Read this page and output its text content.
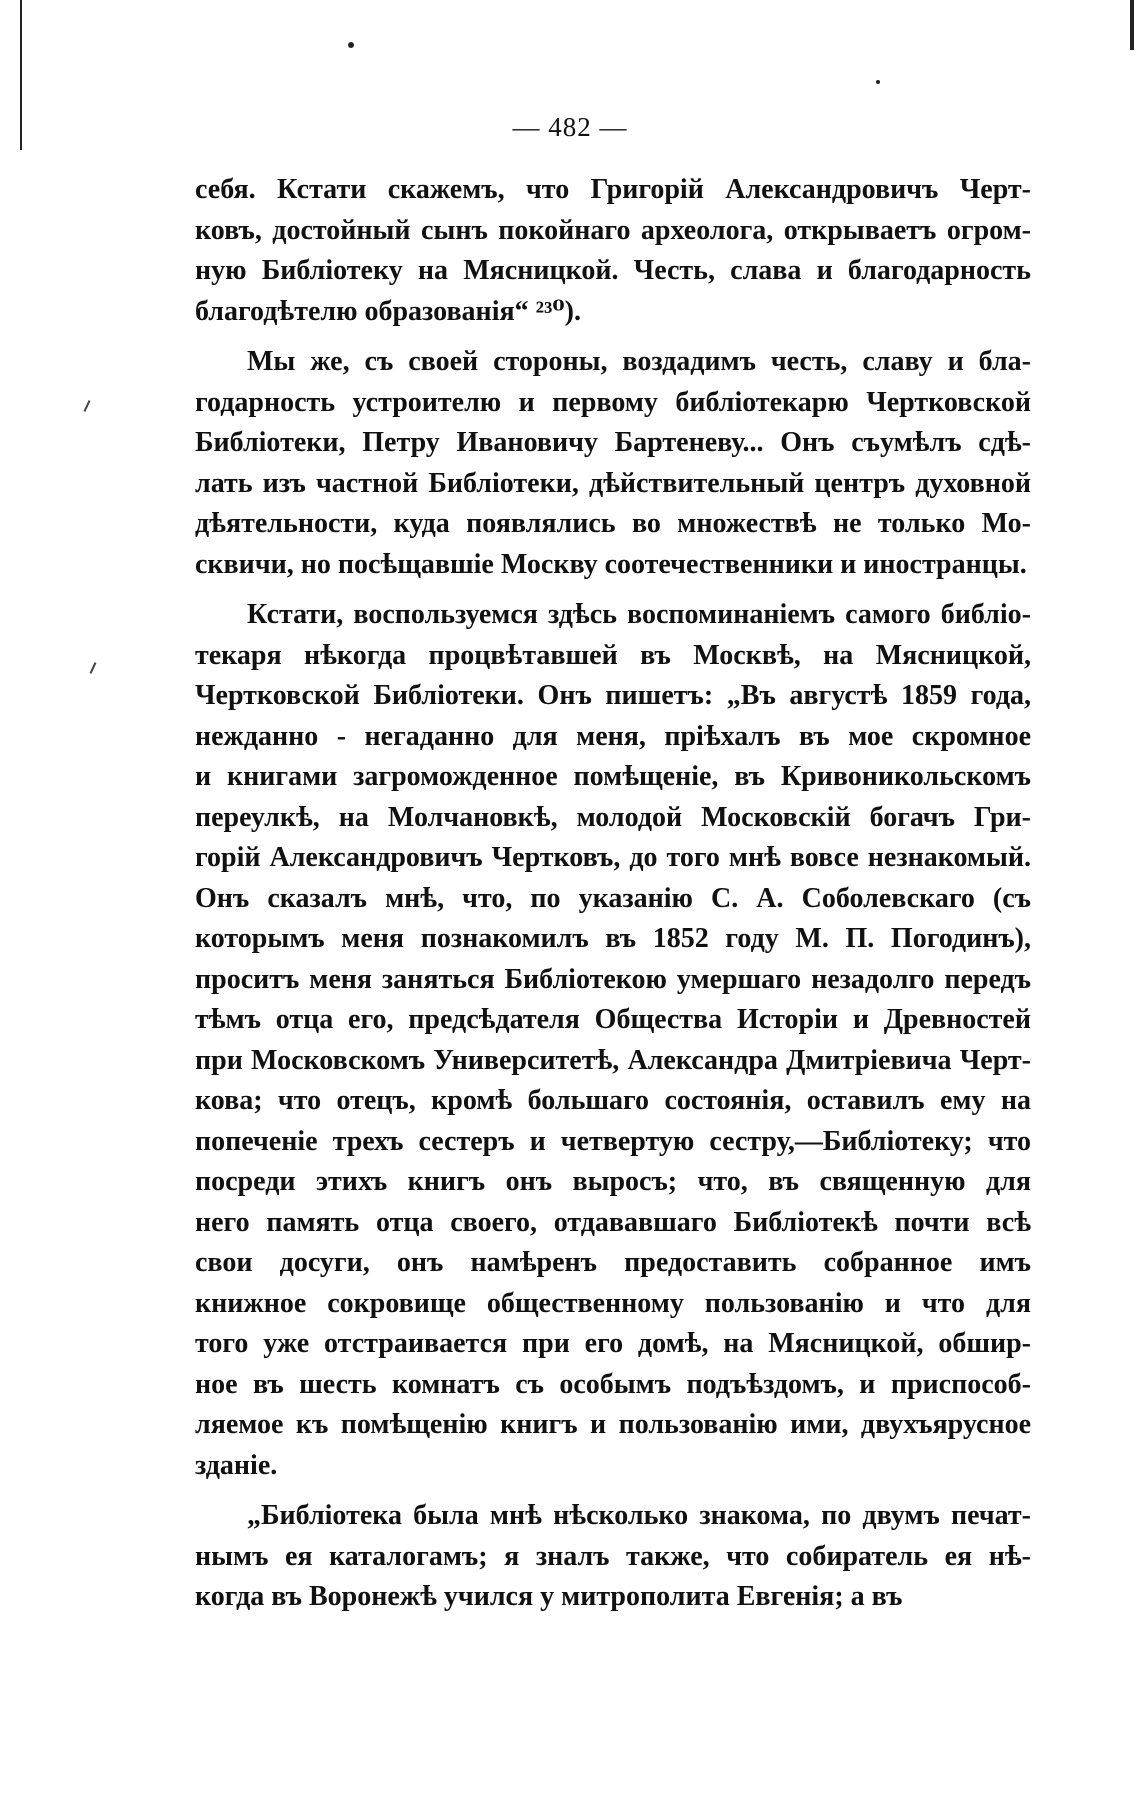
— 482 —
себя. Кстати скажемъ, что Григорій Александровичъ Черт-
ковъ, достойный сынъ покойнаго археолога, открываетъ огром-
ную Библіотеку на Мясницкой. Честь, слава и благодарность
благодѣтелю образованія“ ²³⁰).
Мы же, съ своей стороны, воздадимъ честь, славу и бла-
годарность устроителю и первому библіотекарю Чертковской
Библіотеки, Петру Ивановичу Бартеневу... Онъ съумѣлъ сдѣ-
лать изъ частной Библіотеки, дѣйствительный центръ духовной
дѣятельности, куда появлялись во множествѣ не только Мо-
сквичи, но посѣщавшіе Москву соотечественники и иностранцы.
Кстати, воспользуемся здѣсь воспоминаніемъ самого библіо-
текаря нѣкогда процвѣтавшей въ Москвѣ, на Мясницкой,
Чертковской Библіотеки. Онъ пишетъ: „Въ августѣ 1859 года,
нежданно - негаданно для меня, пріѣхалъ въ мое скромное
и книгами загроможденное помѣщеніе, въ Кривоникольскомъ
переулкѣ, на Молчановкѣ, молодой Московскій богачъ Гри-
горій Александровичъ Чертковъ, до того мнѣ вовсе незнакомый.
Онъ сказалъ мнѣ, что, по указанію С. А. Соболевскаго (съ
которымъ меня познакомилъ въ 1852 году М. П. Погодинъ),
проситъ меня заняться Библіотекою умершаго незадолго передъ
тѣмъ отца его, предсѣдателя Общества Исторіи и Древностей
при Московскомъ Университетѣ, Александра Дмитріевича Черт-
кова; что отецъ, кромѣ большаго состоянія, оставилъ ему на
попеченіе трехъ сестеръ и четвертую сестру,—Библіотеку; что
посреди этихъ книгъ онъ выросъ; что, въ священную для
него память отца своего, отдававшаго Библіотекѣ почти всѣ
свои досуги, онъ намѣренъ предоставить собранное имъ
книжное сокровище общественному пользованію и что для
того уже отстраивается при его домѣ, на Мясницкой, обшир-
ное въ шесть комнатъ съ особымъ подъѣздомъ, и приспособ-
ляемое къ помѣщенію книгъ и пользованію ими, двухъярусное
зданіе.
„Библіотека была мнѣ нѣсколько знакома, по двумъ печат-
нымъ ея каталогамъ; я зналъ также, что собиратель ея нѣ-
когда въ Воронежѣ учился у митрополита Евгенія; а въ
